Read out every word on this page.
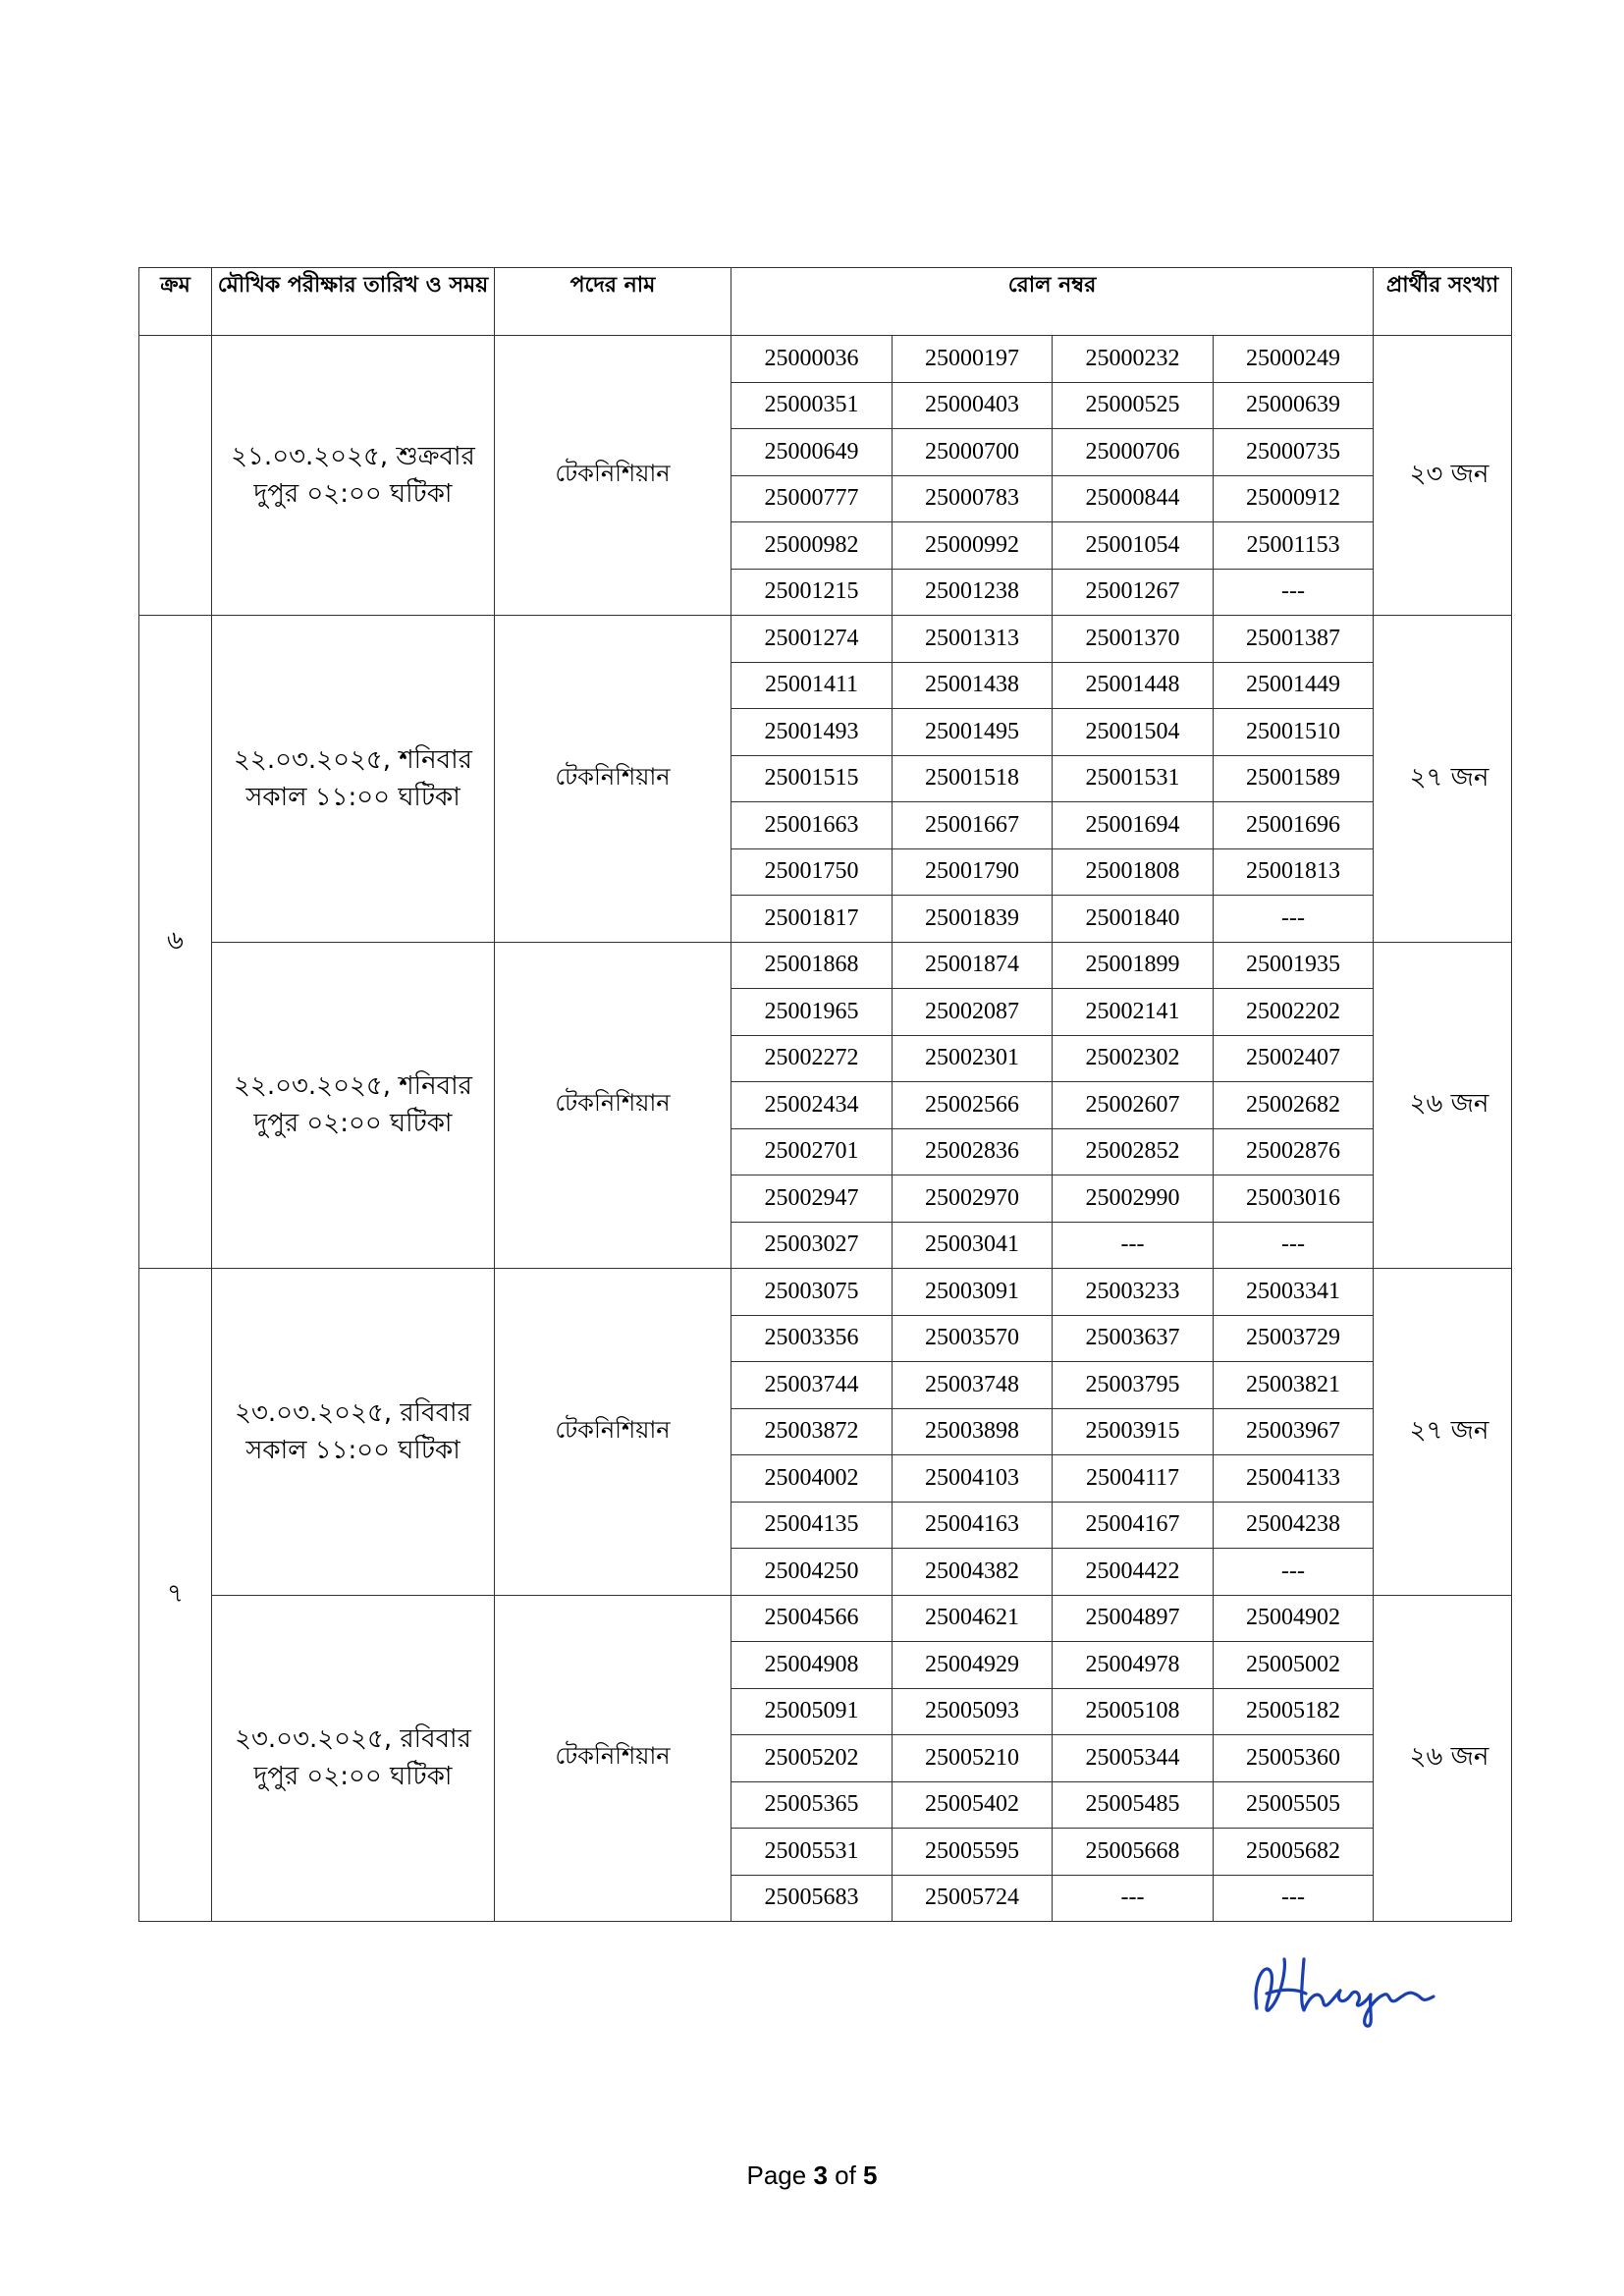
ক্রম	মৌখিক পরীক্ষার তারিখ ও সময়	পদের নাম	রোল নম্বর				প্রার্থীর সংখ্যা

	২১.০৩.২০২৫, শুক্রবার
দুপুর ০২:০০ ঘটিকা	টেকনিশিয়ান	25000036	25000197	25000232	25000249	২৩ জন
			25000351	25000403	25000525	25000639	
			25000649	25000700	25000706	25000735	
			25000777	25000783	25000844	25000912	
			25000982	25000992	25001054	25001153	
			25001215	25001238	25001267	---	
৬	২২.০৩.২০২৫, শনিবার
সকাল ১১:০০ ঘটিকা	টেকনিশিয়ান	25001274	25001313	25001370	25001387	২৭ জন
			25001411	25001438	25001448	25001449	
			25001493	25001495	25001504	25001510	
			25001515	25001518	25001531	25001589	
			25001663	25001667	25001694	25001696	
			25001750	25001790	25001808	25001813	
			25001817	25001839	25001840	---	

	২২.০৩.২০২৫, শনিবার
দুপুর ০২:০০ ঘটিকা	টেকনিশিয়ান	25001868	25001874	25001899	25001935	২৬ জন
			25001965	25002087	25002141	25002202	
			25002272	25002301	25002302	25002407	
			25002434	25002566	25002607	25002682	
			25002701	25002836	25002852	25002876	
			25002947	25002970	25002990	25003016	
			25003027	25003041	---	---	
৭	২৩.০৩.২০২৫, রবিবার
সকাল ১১:০০ ঘটিকা	টেকনিশিয়ান	25003075	25003091	25003233	25003341	২৭ জন
			25003356	25003570	25003637	25003729	
			25003744	25003748	25003795	25003821	
			25003872	25003898	25003915	25003967	
			25004002	25004103	25004117	25004133	
			25004135	25004163	25004167	25004238	
			25004250	25004382	25004422	---	

	২৩.০৩.২০২৫, রবিবার
দুপুর ০২:০০ ঘটিকা	টেকনিশিয়ান	25004566	25004621	25004897	25004902	২৬ জন
			25004908	25004929	25004978	25005002	
			25005091	25005093	25005108	25005182	
			25005202	25005210	25005344	25005360	
			25005365	25005402	25005485	25005505	
			25005531	25005595	25005668	25005682	
			25005683	25005724	---	---	
Page 3 of 5
